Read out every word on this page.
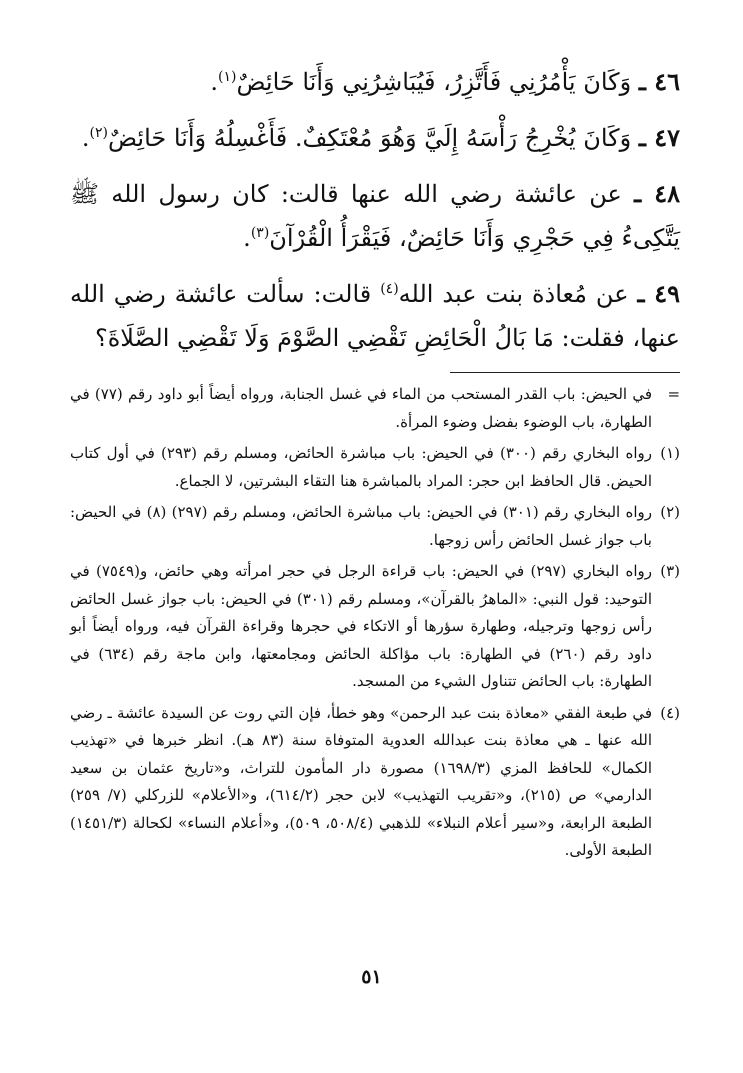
٤٦ ـ وَكَانَ يَأْمُرُنِي فَأَتَّزِرُ، فَيُبَاشِرُنِي وَأَنَا حَائِضٌ$^{(١)}$.

٤٧ ـ وَكَانَ يُخْرِجُ رَأْسَهُ إِلَيَّ وَهُوَ مُعْتَكِفٌ. فَأَغْسِلُهُ وَأَنَا حَائِضٌ$^{(٢)}$.

٤٨ ـ عن عائشة رضي الله عنها قالت: كان رسول الله ﷺ يَتَّكِىءُ فِي حَجْرِي وَأَنَا حَائِضٌ، فَيَقْرَأُ الْقُرْآنَ$^{(٣)}$.

٤٩ ـ عن مُعاذة بنت عبد الله$^{(٤)}$ قالت: سألت عائشة رضي الله عنها، فقلت: مَا بَالُ الْحَائِضِ تَقْضِي الصَّوْمَ وَلَا تَقْضِي الصَّلَاةَ؟

=في الحيض: باب القدر المستحب من الماء في غسل الجنابة، ورواه أيضاً أبو داود رقم (٧٧) في الطهارة، باب الوضوء بفضل وضوء المرأة.

(١)رواه البخاري رقم (٣٠٠) في الحيض: باب مباشرة الحائض، ومسلم رقم (٢٩٣) في أول كتاب الحيض. قال الحافظ ابن حجر: المراد بالمباشرة هنا التقاء البشرتين، لا الجماع.

(٢)رواه البخاري رقم (٣٠١) في الحيض: باب مباشرة الحائض، ومسلم رقم (٢٩٧) (٨) في الحيض: باب جواز غسل الحائض رأس زوجها.

(٣)رواه البخاري (٢٩٧) في الحيض: باب قراءة الرجل في حجر امرأته وهي حائض، و(٧٥٤٩) في التوحيد: قول النبي: «الماهرُ بالقرآن»، ومسلم رقم (٣٠١) في الحيض: باب جواز غسل الحائض رأس زوجها وترجيله، وطهارة سؤرها أو الاتكاء في حجرها وقراءة القرآن فيه، ورواه أيضاً أبو داود رقم (٢٦٠) في الطهارة: باب مؤاكلة الحائض ومجامعتها، وابن ماجة رقم (٦٣٤) في الطهارة: باب الحائض تتناول الشيء من المسجد.

(٤)في طبعة الفقي «معاذة بنت عبد الرحمن» وهو خطأ، فإن التي روت عن السيدة عائشة ـ رضي الله عنها ـ هي معاذة بنت عبدالله العدوية المتوفاة سنة (٨٣ هـ). انظر خبرها في «تهذيب الكمال» للحافظ المزي (١٦٩٨/٣) مصورة دار المأمون للتراث، و«تاريخ عثمان بن سعيد الدارمي» ص (٢١٥)، و«تقريب التهذيب» لابن حجر (٦١٤/٢)، و«الأعلام» للزركلي (٧/ ٢٥٩) الطبعة الرابعة، و«سير أعلام النبلاء» للذهبي (٥٠٨/٤، ٥٠٩)، و«أعلام النساء» لكحالة (١٤٥١/٣) الطبعة الأولى.

٥١
